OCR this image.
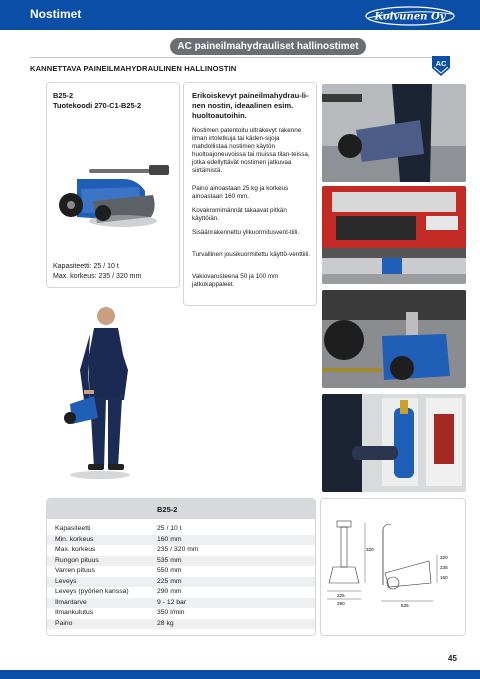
Nostimet	Koivunen Oy
AC paineilmahydrauliset hallinostimet
AC
KANNETTAVA PAINEILMAHYDRAULINEN HALLINOSTIN
B25-2
Tuotekoodi 270-C1-B25-2
Kapasiteetti: 25 / 10 t
Max. korkeus: 235 / 320 mm
Erikoiskevyt paineilmahydrau-li-nen nostin, ideaalinen esim. huoltoautoihin.
Nostimen patentoitu ultrakevyt rakenne ilman irtoletkuja tai käden-sijoja mahdollistaa nostimen käytön huoltoajoneuvoissa tai muissa tilan-teissa, jotka edellyttävät nostimen jatkuvaa siirtämistä.
Paino ainoastaan 25 kg ja korkeus ainoastaan 160 mm.
Kovakromimännät takaavat pitkän käyttöiän.
Sisäänrakennettu ylikuormitusvent-tiili.
Turvallinen jousikuormitettu käyttö-venttiili.
Vakiovarusteena 50 ja 100 mm jatkokappaleet.
B25-2
Kapasiteetti	25 / 10 t
Min. korkeus	160 mm
Max. korkeus	235 / 320 mm
Rungon pituus	535 mm
Varren pituus	550 mm
Leveys	225 mm
Leveys (pyörien kanssa)	290 mm
Ilmantarve	9 - 12 bar
Ilmankulutus	350 l/min
Paino	28 kg
225
290
320
535
320
235
160
45
